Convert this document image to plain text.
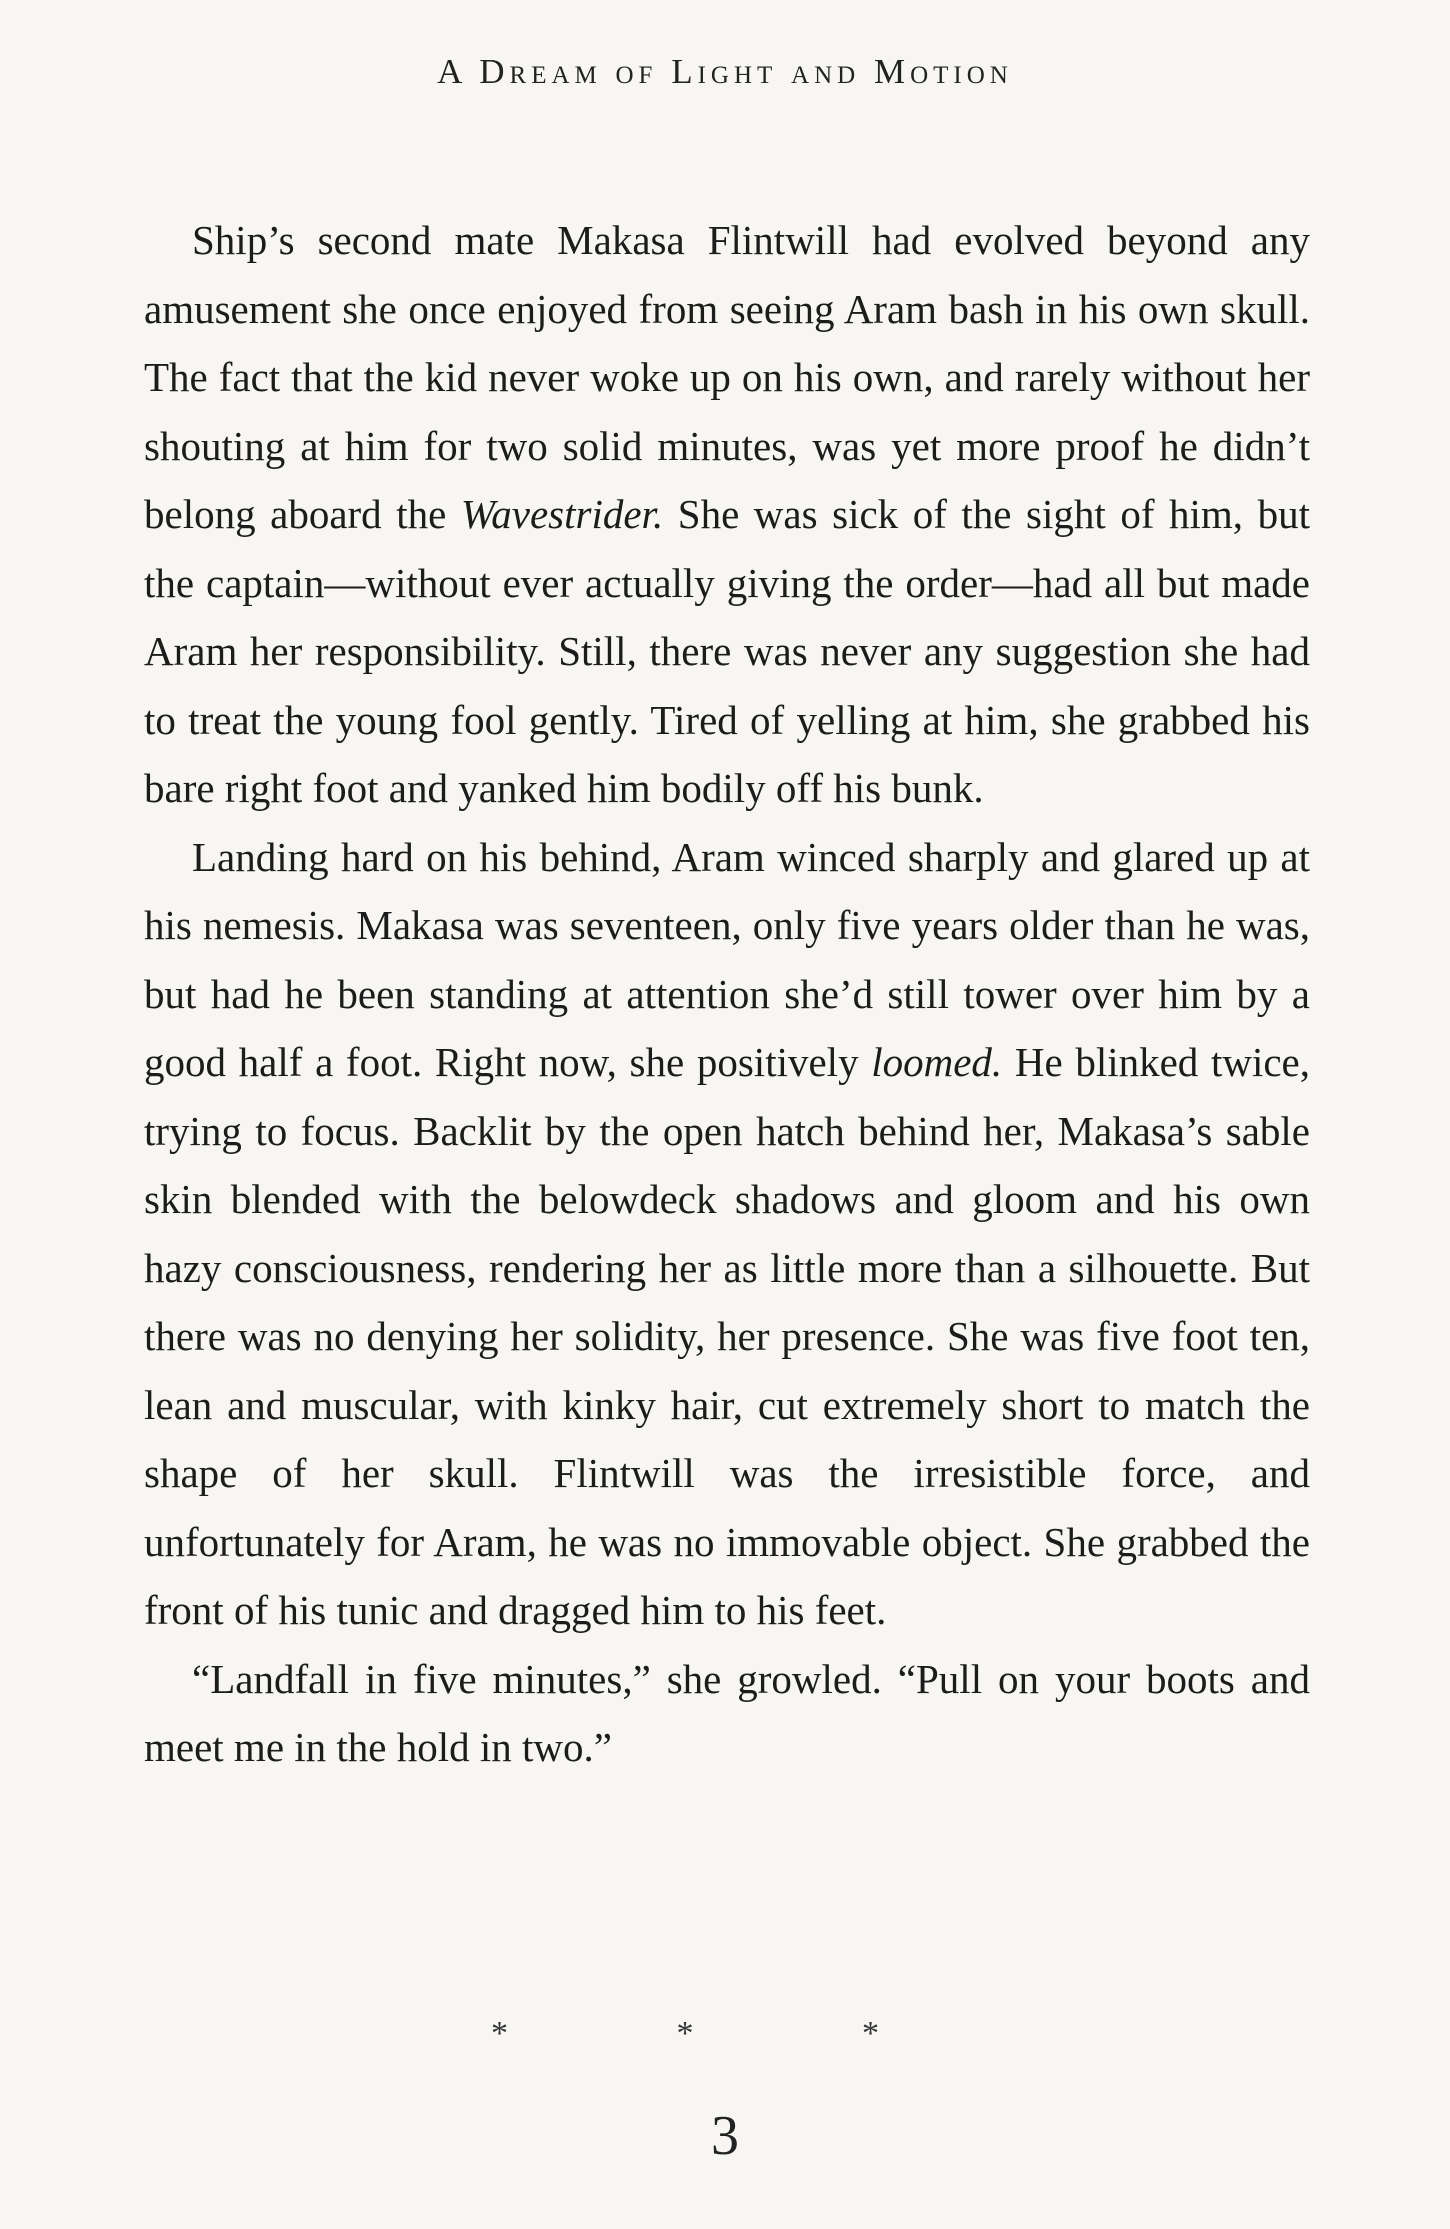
A Dream of Light and Motion

Ship’s second mate Makasa Flintwill had evolved beyond any amusement she once enjoyed from seeing Aram bash in his own skull. The fact that the kid never woke up on his own, and rarely without her shouting at him for two solid minutes, was yet more proof he didn’t belong aboard the Wavestrider. She was sick of the sight of him, but the captain—without ever actually giving the order—had all but made Aram her responsibility. Still, there was never any suggestion she had to treat the young fool gently. Tired of yelling at him, she grabbed his bare right foot and yanked him bodily off his bunk.

Landing hard on his behind, Aram winced sharply and glared up at his nemesis. Makasa was seventeen, only five years older than he was, but had he been standing at attention she’d still tower over him by a good half a foot. Right now, she positively loomed. He blinked twice, trying to focus. Backlit by the open hatch behind her, Makasa’s sable skin blended with the belowdeck shadows and gloom and his own hazy consciousness, rendering her as little more than a silhouette. But there was no denying her solidity, her presence. She was five foot ten, lean and muscular, with kinky hair, cut extremely short to match the shape of her skull. Flintwill was the irresistible force, and unfortunately for Aram, he was no immovable object. She grabbed the front of his tunic and dragged him to his feet.

“Landfall in five minutes,” she growled. “Pull on your boots and meet me in the hold in two.”

* * *
3
